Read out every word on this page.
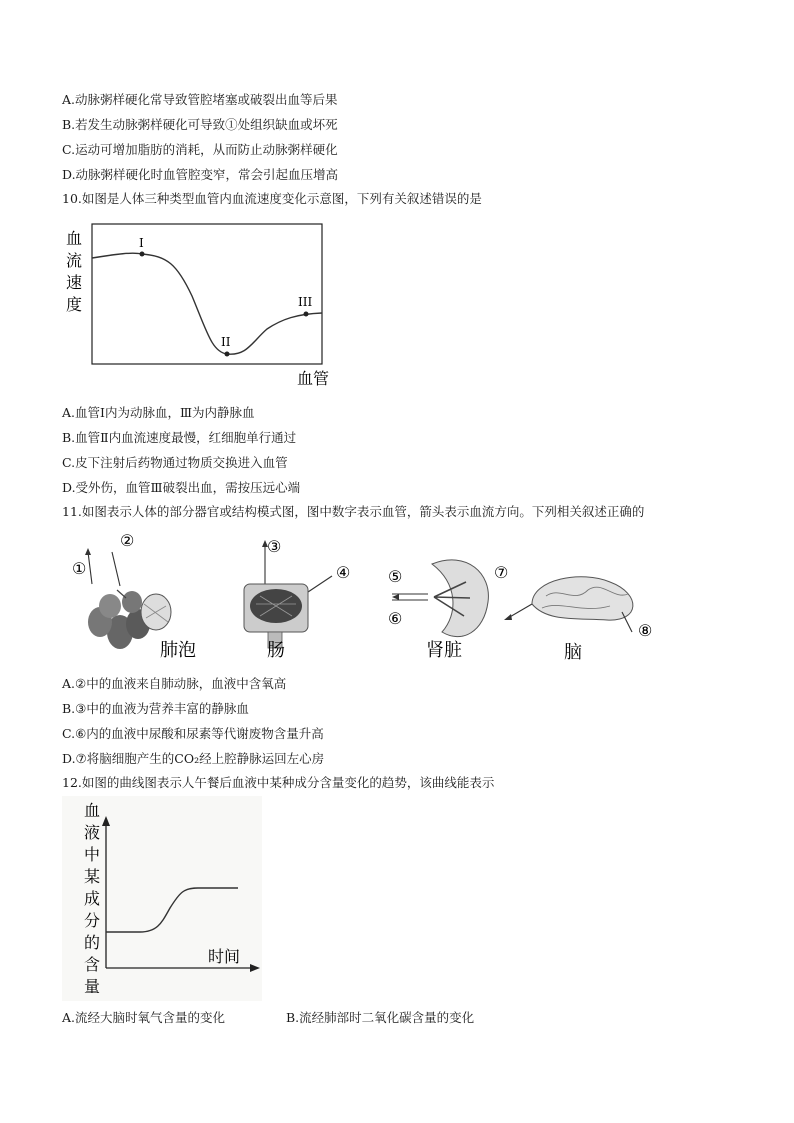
A.动脉粥样硬化常导致管腔堵塞或破裂出血等后果
B.若发生动脉粥样硬化可导致①处组织缺血或坏死
C.运动可增加脂肪的消耗，从而防止动脉粥样硬化
D.动脉粥样硬化时血管腔变窄，常会引起血压增高
10.如图是人体三种类型血管内血流速度变化示意图，下列有关叙述错误的是
血
流
速
度
I
II
III
血管
A.血管Ⅰ内为动脉血，Ⅲ为内静脉血
B.血管Ⅱ内血流速度最慢，红细胞单行通过
C.皮下注射后药物通过物质交换进入血管
D.受外伤，血管Ⅲ破裂出血，需按压远心端
11.如图表示人体的部分器官或结构模式图，图中数字表示血管，箭头表示血流方向。下列相关叙述正确的
①
②
肺泡
③
④
肠
⑤
⑥
肾脏
⑦
⑧
脑
A.②中的血液来自肺动脉，血液中含氧高
B.③中的血液为营养丰富的静脉血
C.⑥内的血液中尿酸和尿素等代谢废物含量升高
D.⑦将脑细胞产生的CO₂经上腔静脉运回左心房
12.如图的曲线图表示人午餐后血液中某种成分含量变化的趋势，该曲线能表示
血
液
中
某
成
分
的
含
量
时间
A.流经大脑时氧气含量的变化	B.流经肺部时二氧化碳含量的变化
